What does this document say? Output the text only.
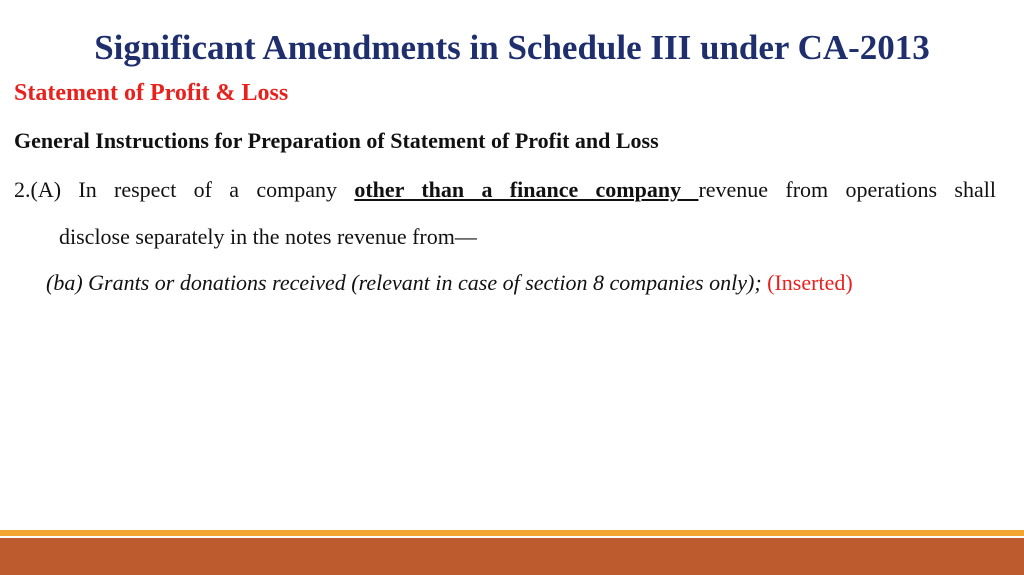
Significant Amendments in Schedule III under CA-2013
Statement of Profit & Loss
General Instructions for Preparation of Statement of Profit and Loss
2.(A) In respect of a company other than a finance company revenue from operations shall
disclose separately in the notes revenue from—
(ba) Grants or donations received (relevant in case of section 8 companies only); (Inserted)
